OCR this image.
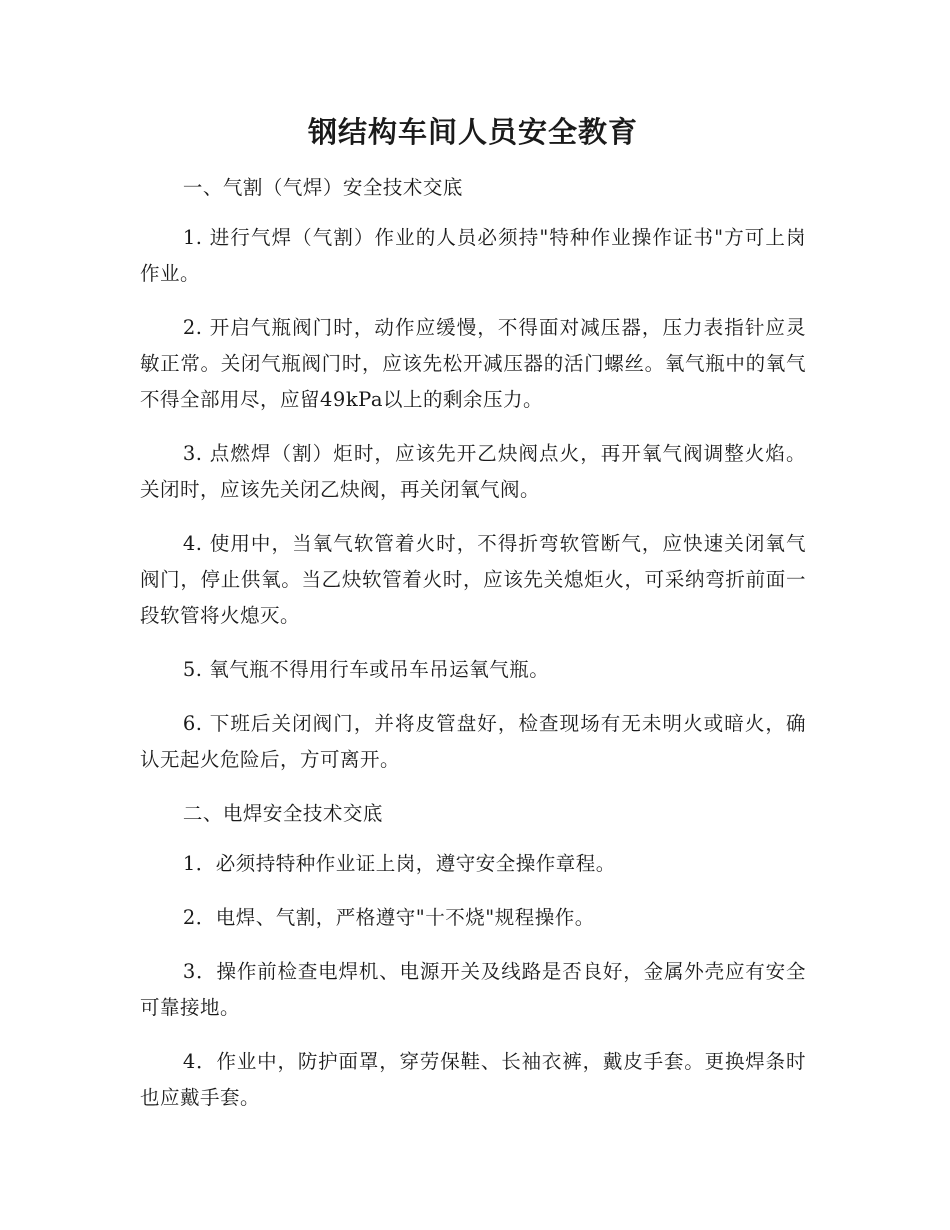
钢结构车间人员安全教育

一、气割（气焊）安全技术交底

1. 进行气焊（气割）作业的人员必须持"特种作业操作证书"方可上岗作业。

2. 开启气瓶阀门时，动作应缓慢，不得面对减压器，压力表指针应灵敏正常。关闭气瓶阀门时，应该先松开减压器的活门螺丝。氧气瓶中的氧气不得全部用尽，应留49kPa以上的剩余压力。

3. 点燃焊（割）炬时，应该先开乙炔阀点火，再开氧气阀调整火焰。关闭时，应该先关闭乙炔阀，再关闭氧气阀。

4. 使用中，当氧气软管着火时，不得折弯软管断气，应快速关闭氧气阀门，停止供氧。当乙炔软管着火时，应该先关熄炬火，可采纳弯折前面一段软管将火熄灭。

5. 氧气瓶不得用行车或吊车吊运氧气瓶。

6. 下班后关闭阀门，并将皮管盘好，检查现场有无未明火或暗火，确认无起火危险后，方可离开。

二、电焊安全技术交底

1．必须持特种作业证上岗，遵守安全操作章程。

2．电焊、气割，严格遵守"十不烧"规程操作。

3．操作前检查电焊机、电源开关及线路是否良好，金属外壳应有安全可靠接地。

4．作业中，防护面罩，穿劳保鞋、长袖衣裤，戴皮手套。更换焊条时也应戴手套。
